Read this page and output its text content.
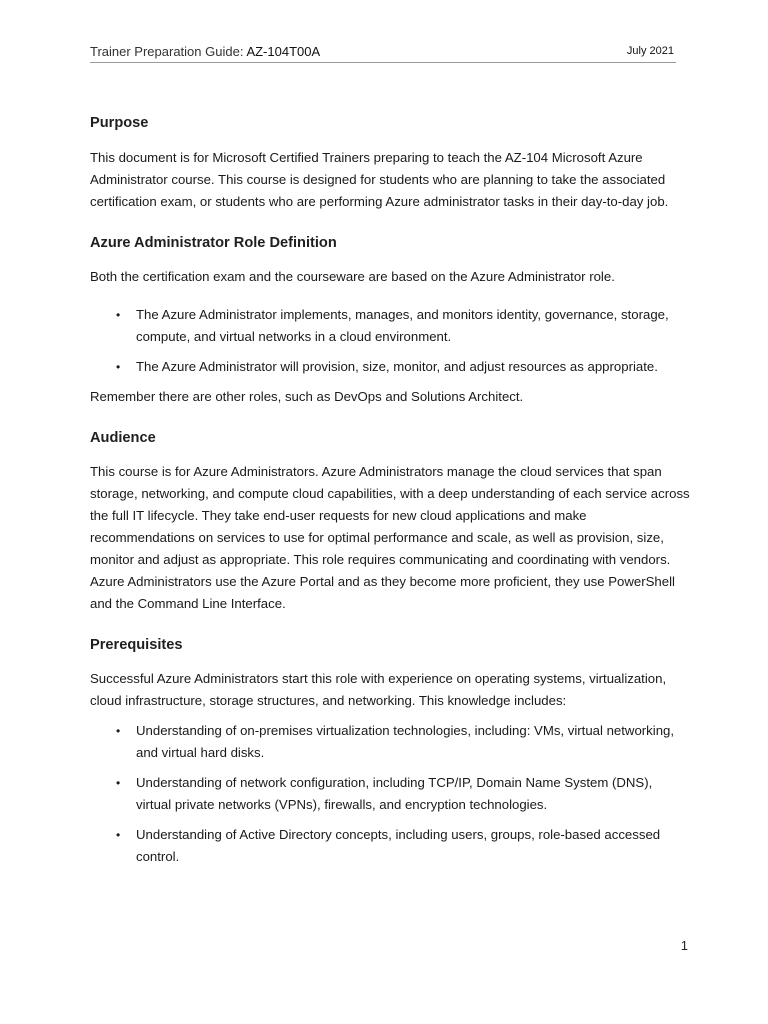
Trainer Preparation Guide: AZ-104T00A	July 2021
Purpose

This document is for Microsoft Certified Trainers preparing to teach the AZ-104 Microsoft Azure Administrator course. This course is designed for students who are planning to take the associated certification exam, or students who are performing Azure administrator tasks in their day-to-day job.

Azure Administrator Role Definition

Both the certification exam and the courseware are based on the Azure Administrator role.

• The Azure Administrator implements, manages, and monitors identity, governance, storage, compute, and virtual networks in a cloud environment.
• The Azure Administrator will provision, size, monitor, and adjust resources as appropriate.

Remember there are other roles, such as DevOps and Solutions Architect.

Audience

This course is for Azure Administrators. Azure Administrators manage the cloud services that span storage, networking, and compute cloud capabilities, with a deep understanding of each service across the full IT lifecycle. They take end-user requests for new cloud applications and make recommendations on services to use for optimal performance and scale, as well as provision, size, monitor and adjust as appropriate. This role requires communicating and coordinating with vendors. Azure Administrators use the Azure Portal and as they become more proficient, they use PowerShell and the Command Line Interface.

Prerequisites

Successful Azure Administrators start this role with experience on operating systems, virtualization, cloud infrastructure, storage structures, and networking. This knowledge includes:

• Understanding of on-premises virtualization technologies, including: VMs, virtual networking, and virtual hard disks.
• Understanding of network configuration, including TCP/IP, Domain Name System (DNS), virtual private networks (VPNs), firewalls, and encryption technologies.
• Understanding of Active Directory concepts, including users, groups, role-based accessed control.
1
